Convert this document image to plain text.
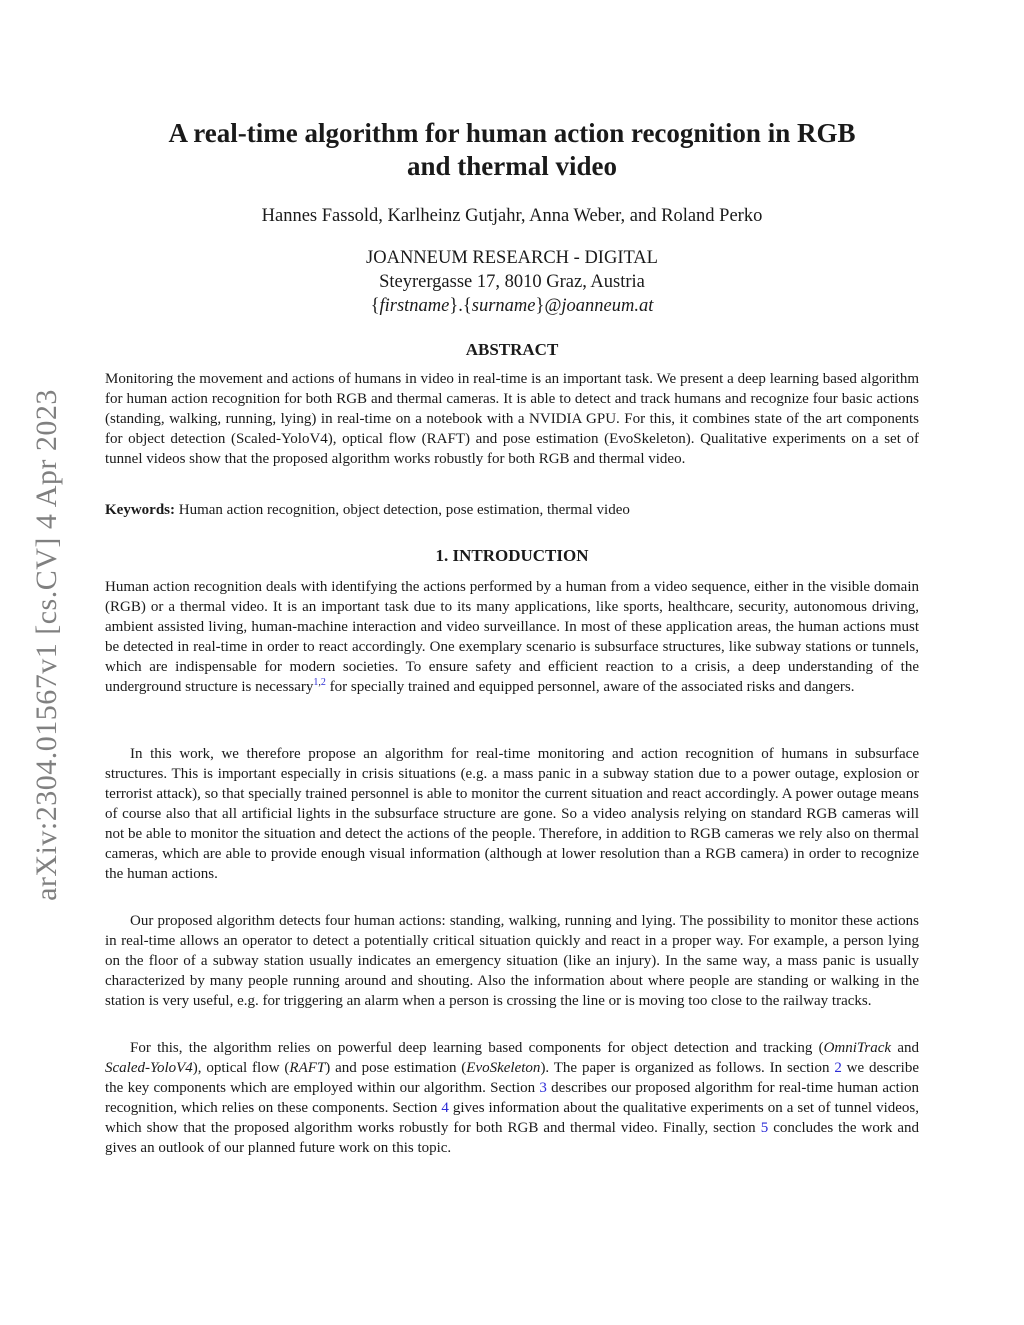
arXiv:2304.01567v1 [cs.CV] 4 Apr 2023
A real-time algorithm for human action recognition in RGB
and thermal video
Hannes Fassold, Karlheinz Gutjahr, Anna Weber, and Roland Perko
JOANNEUM RESEARCH - DIGITAL
Steyrergasse 17, 8010 Graz, Austria
{firstname}.{surname}@joanneum.at
ABSTRACT

Monitoring the movement and actions of humans in video in real-time is an important task. We present a deep learning based algorithm for human action recognition for both RGB and thermal cameras. It is able to detect and track humans and recognize four basic actions (standing, walking, running, lying) in real-time on a notebook with a NVIDIA GPU. For this, it combines state of the art components for object detection (Scaled-YoloV4), optical flow (RAFT) and pose estimation (EvoSkeleton). Qualitative experiments on a set of tunnel videos show that the proposed algorithm works robustly for both RGB and thermal video.

Keywords: Human action recognition, object detection, pose estimation, thermal video

1. INTRODUCTION

Human action recognition deals with identifying the actions performed by a human from a video sequence, either in the visible domain (RGB) or a thermal video. It is an important task due to its many applications, like sports, healthcare, security, autonomous driving, ambient assisted living, human-machine interaction and video surveillance. In most of these application areas, the human actions must be detected in real-time in order to react accordingly. One exemplary scenario is subsurface structures, like subway stations or tunnels, which are indispensable for modern societies. To ensure safety and efficient reaction to a crisis, a deep understanding of the underground structure is necessary$^{1,2}$ for specially trained and equipped personnel, aware of the associated risks and dangers.

In this work, we therefore propose an algorithm for real-time monitoring and action recognition of humans in subsurface structures. This is important especially in crisis situations (e.g. a mass panic in a subway station due to a power outage, explosion or terrorist attack), so that specially trained personnel is able to monitor the current situation and react accordingly. A power outage means of course also that all artificial lights in the subsurface structure are gone. So a video analysis relying on standard RGB cameras will not be able to monitor the situation and detect the actions of the people. Therefore, in addition to RGB cameras we rely also on thermal cameras, which are able to provide enough visual information (although at lower resolution than a RGB camera) in order to recognize the human actions.

Our proposed algorithm detects four human actions: standing, walking, running and lying. The possibility to monitor these actions in real-time allows an operator to detect a potentially critical situation quickly and react in a proper way. For example, a person lying on the floor of a subway station usually indicates an emergency situation (like an injury). In the same way, a mass panic is usually characterized by many people running around and shouting. Also the information about where people are standing or walking in the station is very useful, e.g. for triggering an alarm when a person is crossing the line or is moving too close to the railway tracks.

For this, the algorithm relies on powerful deep learning based components for object detection and tracking (OmniTrack and Scaled-YoloV4), optical flow (RAFT) and pose estimation (EvoSkeleton). The paper is organized as follows. In section 2 we describe the key components which are employed within our algorithm. Section 3 describes our proposed algorithm for real-time human action recognition, which relies on these components. Section 4 gives information about the qualitative experiments on a set of tunnel videos, which show that the proposed algorithm works robustly for both RGB and thermal video. Finally, section 5 concludes the work and gives an outlook of our planned future work on this topic.
